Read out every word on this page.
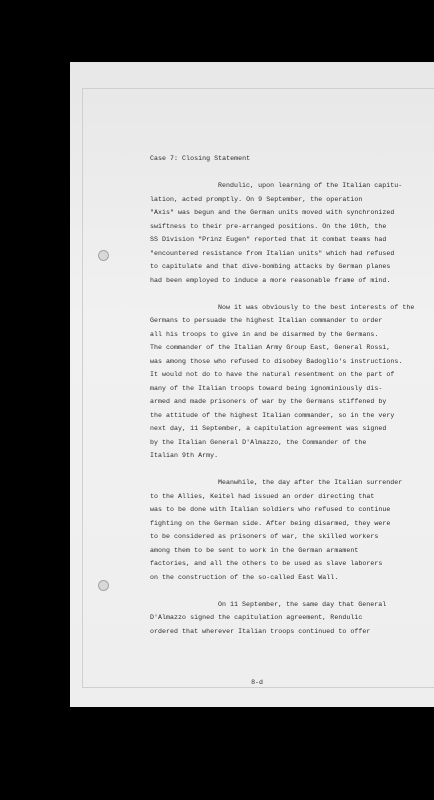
8-d
Case 7: Closing Statement
Rendulic, upon learning of the Italian capitu-
lation, acted promptly. On 9 September, the operation
"Axis" was begun and the German units moved with synchronized
swiftness to their pre-arranged positions. On the 10th, the
SS Division "Prinz Eugen" reported that it combat teams had
"encountered resistance from Italian units" which had refused
to capitulate and that dive-bombing attacks by German planes
had been employed to induce a more reasonable frame of mind.
Now it was obviously to the best interests of the
Germans to persuade the highest Italian commander to order
all his troops to give in and be disarmed by the Germans.
The commander of the Italian Army Group East, General Rossi,
was among those who refused to disobey Badoglio's instructions.
It would not do to have the natural resentment on the part of
many of the Italian troops toward being ignominiously dis-
armed and made prisoners of war by the Germans stiffened by
the attitude of the highest Italian commander, so in the very
next day, 11 September, a capitulation agreement was signed
by the Italian General D'Almazzo, the Commander of the
Italian 9th Army.
Meanwhile, the day after the Italian surrender
to the Allies, Keitel had issued an order directing that
was to be done with Italian soldiers who refused to continue
fighting on the German side. After being disarmed, they were
to be considered as prisoners of war, the skilled workers
among them to be sent to work in the German armament
factories, and all the others to be used as slave laborers
on the construction of the so-called East Wall.
On 11 September, the same day that General
D'Almazzo signed the capitulation agreement, Rendulic
ordered that wherever Italian troops continued to offer
